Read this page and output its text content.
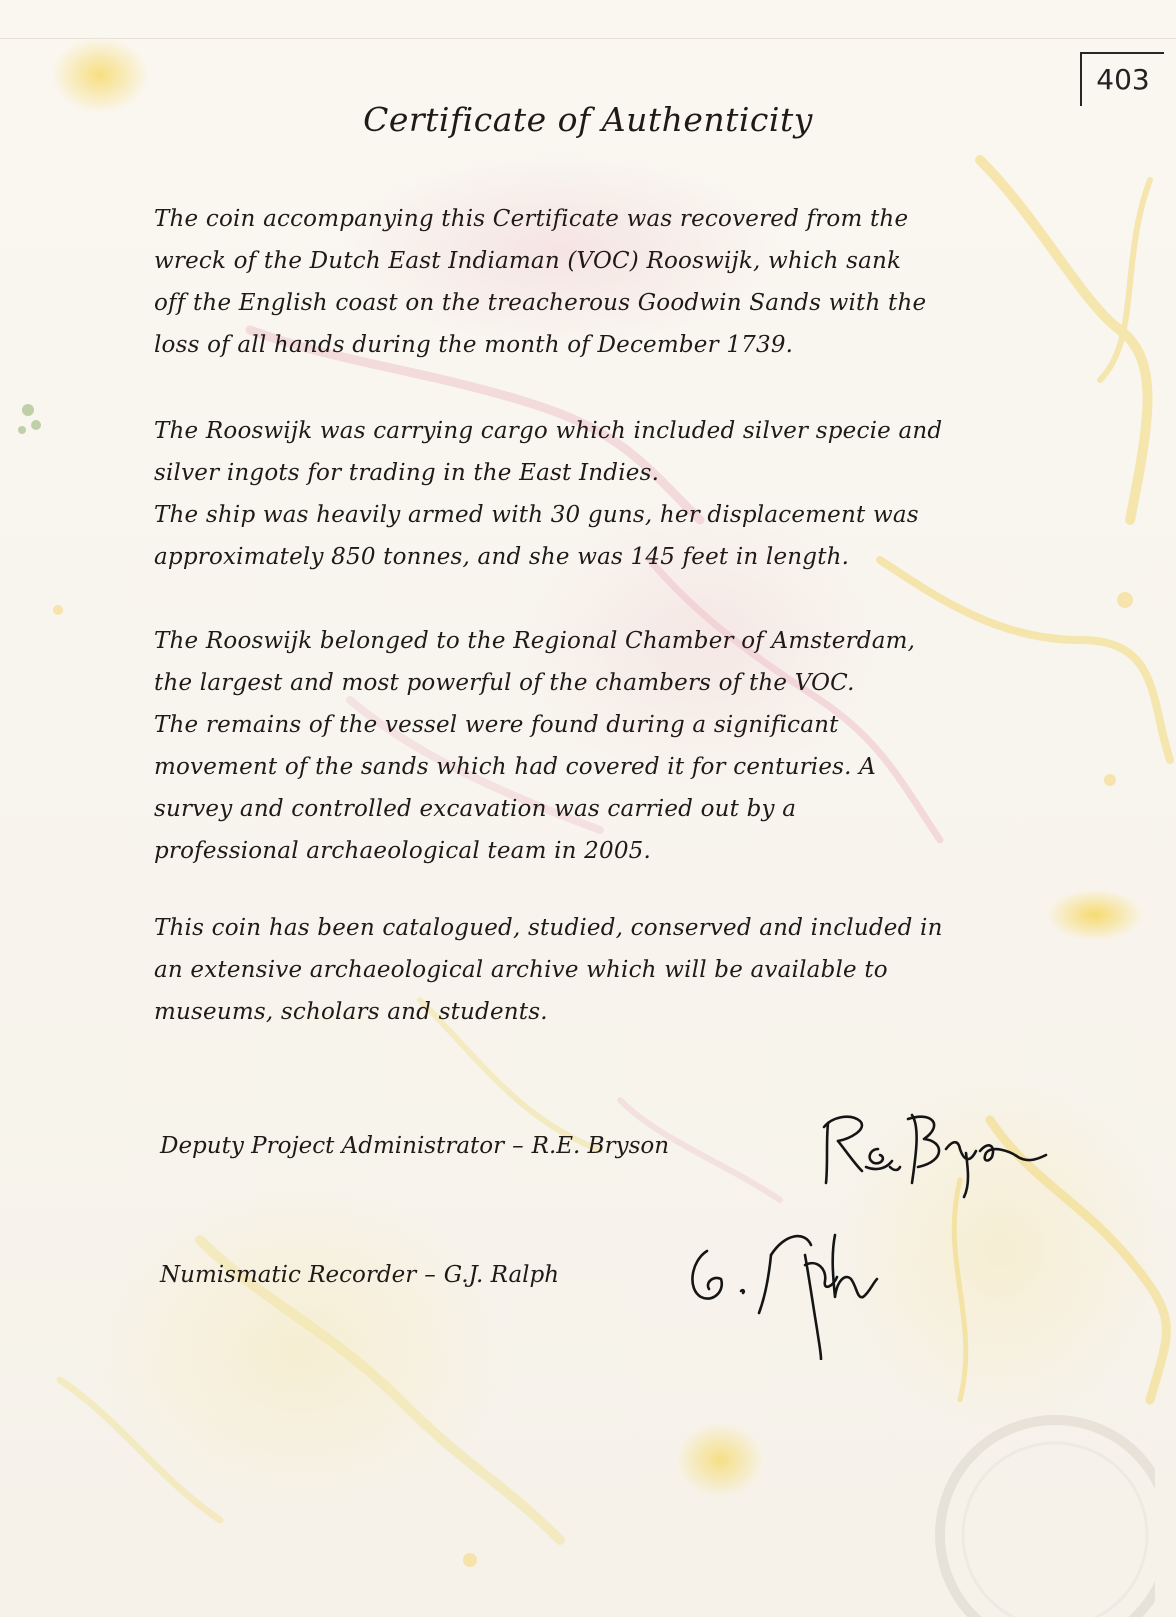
403
Certificate of Authenticity

The coin accompanying this Certificate was recovered from the

wreck of the Dutch East Indiaman (VOC) Rooswijk, which sank

off the English coast on the treacherous Goodwin Sands with the

loss of all hands during the month of December 1739.

The Rooswijk was carrying cargo which included silver specie and

silver ingots for trading in the East Indies.

The ship was heavily armed with 30 guns, her displacement was

approximately 850 tonnes, and she was 145 feet in length.

The Rooswijk belonged to the Regional Chamber of Amsterdam,

the largest and most powerful of the chambers of the VOC.

The remains of the vessel were found during a significant

movement of the sands which had covered it for centuries. A

survey and controlled excavation was carried out by a

professional archaeological team in 2005.

This coin has been catalogued, studied, conserved and included in

an extensive archaeological archive which will be available to

museums, scholars and students.

Deputy Project Administrator – R.E. Bryson
Numismatic Recorder – G.J. Ralph
